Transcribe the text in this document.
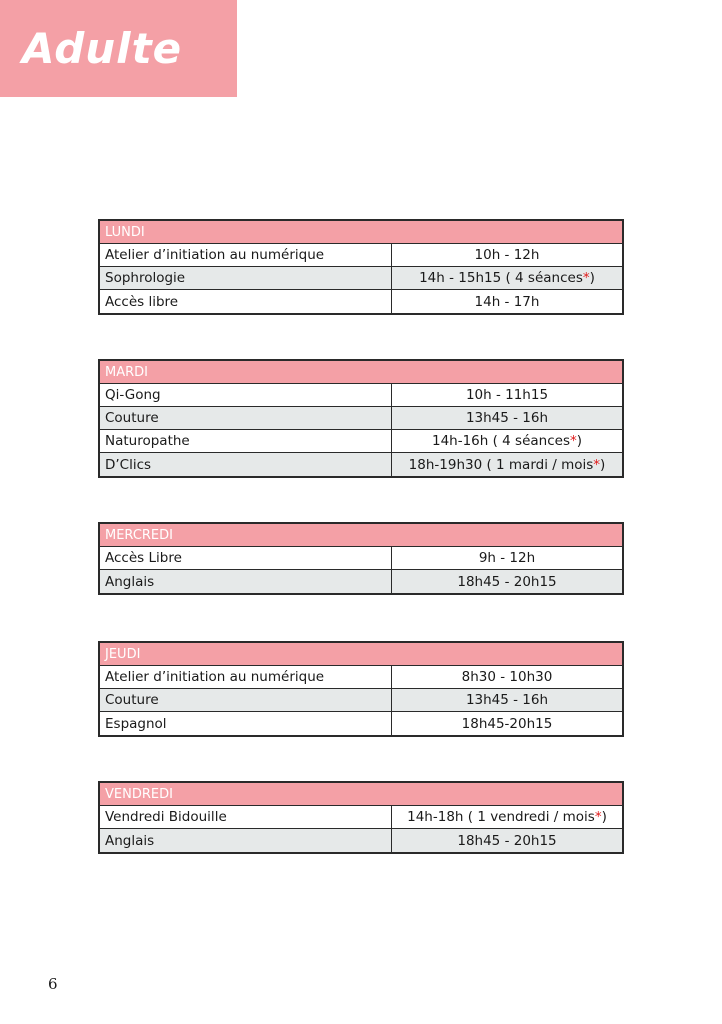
Adulte
LUNDI
Atelier d’initiation au numérique	10h - 12h
Sophrologie	14h - 15h15 ( 4 séances * )
Accès libre	14h - 17h
MARDI
Qi-Gong	10h - 11h15
Couture	13h45 - 16h
Naturopathe	14h-16h ( 4 séances * )
D’Clics	18h-19h30 ( 1 mardi / mois * )
MERCREDI
Accès Libre	9h - 12h
Anglais	18h45 - 20h15
JEUDI
Atelier d’initiation au numérique	8h30 - 10h30
Couture	13h45 - 16h
Espagnol	18h45-20h15
VENDREDI
Vendredi Bidouille	14h-18h ( 1 vendredi / mois * )
Anglais	18h45 - 20h15
6
